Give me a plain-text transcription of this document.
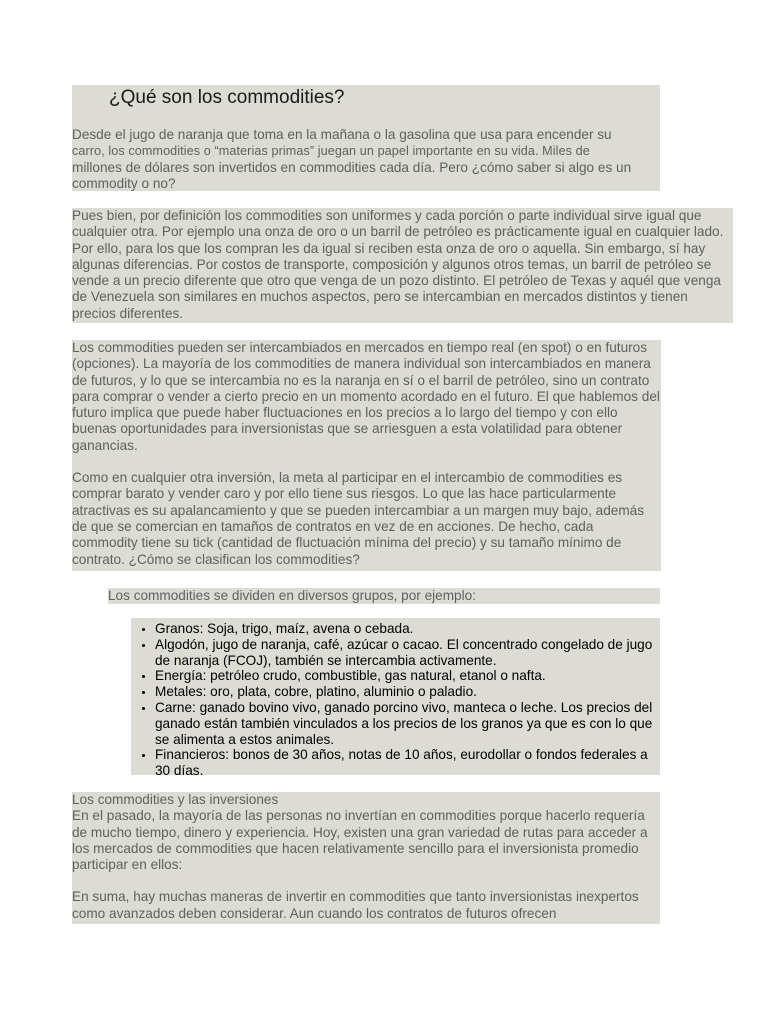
¿Qué son los commodities?

Desde el jugo de naranja que toma en la mañana o la gasolina que usa para encender su

carro, los commodities o “materias primas” juegan un papel importante en su vida. Miles de

millones de dólares son invertidos en commodities cada día. Pero ¿cómo saber si algo es un commodity o no?

Pues bien, por definición los commodities son uniformes y cada porción o parte individual sirve igual que cualquier otra. Por ejemplo una onza de oro o un barril de petróleo es prácticamente igual en cualquier lado. Por ello, para los que los compran les da igual si reciben esta onza de oro o aquella. Sin embargo, sí hay algunas diferencias. Por costos de transporte, composición y algunos otros temas, un barril de petróleo se vende a un precio diferente que otro que venga de un pozo distinto. El petróleo de Texas y aquél que venga de Venezuela son similares en muchos aspectos, pero se intercambian en mercados distintos y tienen precios diferentes.

Los commodities pueden ser intercambiados en mercados en tiempo real (en spot) o en futuros (opciones). La mayoría de los commodities de manera individual son intercambiados en manera de futuros, y lo que se intercambia no es la naranja en sí o el barril de petróleo, sino un contrato para comprar o vender a cierto precio en un momento acordado en el futuro. El que hablemos del futuro implica que puede haber fluctuaciones en los precios a lo largo del tiempo y con ello buenas oportunidades para inversionistas que se arriesguen a esta volatilidad para obtener ganancias.

Como en cualquier otra inversión, la meta al participar en el intercambio de commodities es comprar barato y vender caro y por ello tiene sus riesgos. Lo que las hace particularmente atractivas es su apalancamiento y que se pueden intercambiar a un margen muy bajo, además de que se comercian en tamaños de contratos en vez de en acciones. De hecho, cada commodity tiene su tick (cantidad de fluctuación mínima del precio) y su tamaño mínimo de contrato. ¿Cómo se clasifican los commodities?

Los commodities se dividen en diversos grupos, por ejemplo:

• Granos: Soja, trigo, maíz, avena o cebada.
• Algodón, jugo de naranja, café, azúcar o cacao. El concentrado congelado de jugo de naranja (FCOJ), también se intercambia activamente.
• Energía: petróleo crudo, combustible, gas natural, etanol o nafta.
• Metales: oro, plata, cobre, platino, aluminio o paladio.
• Carne: ganado bovino vivo, ganado porcino vivo, manteca o leche. Los precios del ganado están también vinculados a los precios de los granos ya que es con lo que se alimenta a estos animales.
• Financieros: bonos de 30 años, notas de 10 años, eurodollar o fondos federales a 30 días.

Los commodities y las inversiones

En el pasado, la mayoría de las personas no invertían en commodities porque hacerlo requería de mucho tiempo, dinero y experiencia. Hoy, existen una gran variedad de rutas para acceder a los mercados de commodities que hacen relativamente sencillo para el inversionista promedio participar en ellos:

En suma, hay muchas maneras de invertir en commodities que tanto inversionistas inexpertos como avanzados deben considerar. Aun cuando los contratos de futuros ofrecen
